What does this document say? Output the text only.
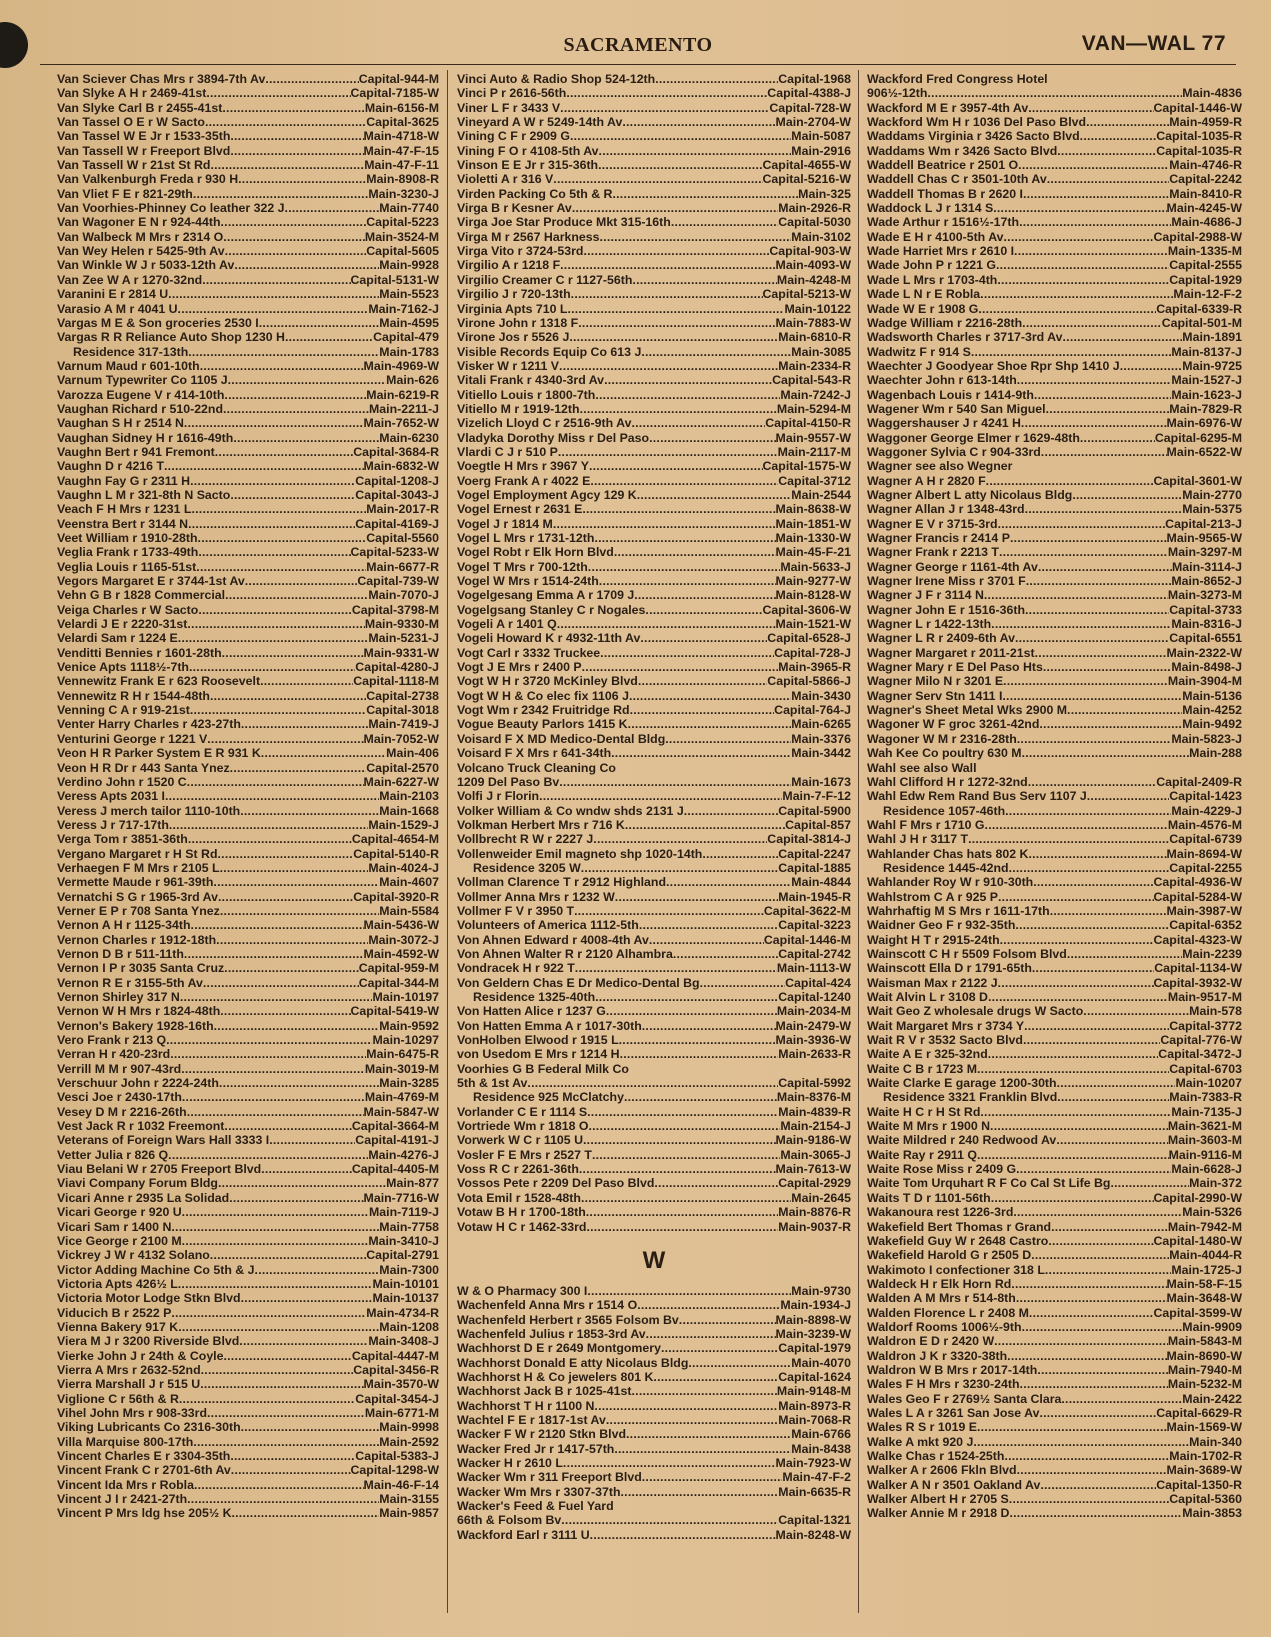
SACRAMENTO	VAN—WAL 77
Van Sciever Chas Mrs r 3894-7th Av . . .	Capital-944-M
Van Slyke A H r 2469-41st . . .	Capital-7185-W
Van Slyke Carl B r 2455-41st . . .	Main-6156-M
Van Tassel O E r W Sacto . . .	Capital-3625
Van Tassel W E Jr r 1533-35th . . .	Main-4718-W
Van Tassell W r Freeport Blvd . . .	Main-47-F-15
Van Tassell W r 21st St Rd . . .	Main-47-F-11
Van Valkenburgh Freda r 930 H . . .	Main-8908-R
Van Vliet F E r 821-29th . . .	Main-3230-J
Van Voorhies-Phinney Co leather 322 J . . .	Main-7740
Van Wagoner E N r 924-44th . . .	Capital-5223
Van Walbeck M Mrs r 2314 O . . .	Main-3524-M
Van Wey Helen r 5425-9th Av . . .	Capital-5605
Van Winkle W J r 5033-12th Av . . .	Main-9928
Van Zee W A r 1270-32nd . . .	Capital-5131-W
Varanini E r 2814 U . . .	Main-5523
Varasio A M r 4041 U . . .	Main-7162-J
Vargas M E & Son groceries 2530 I . . .	Main-4595
Vargas R R Reliance Auto Shop 1230 H . . .	Capital-479
Residence 317-13th . . .	Main-1783
Varnum Maud r 601-10th . . .	Main-4969-W
Varnum Typewriter Co 1105 J . . .	Main-626
Varozza Eugene V r 414-10th . . .	Main-6219-R
Vaughan Richard r 510-22nd . . .	Main-2211-J
Vaughan S H r 2514 N . . .	Main-7652-W
Vaughan Sidney H r 1616-49th . . .	Main-6230
Vaughn Bert r 941 Fremont . . .	Capital-3684-R
Vaughn D r 4216 T . . .	Main-6832-W
Vaughn Fay G r 2311 H . . .	Capital-1208-J
Vaughn L M r 321-8th N Sacto . . .	Capital-3043-J
Veach F H Mrs r 1231 L . . .	Main-2017-R
Veenstra Bert r 3144 N . . .	Capital-4169-J
Veet William r 1910-28th . . .	Capital-5560
Veglia Frank r 1733-49th . . .	Capital-5233-W
Veglia Louis r 1165-51st . . .	Main-6677-R
Vegors Margaret E r 3744-1st Av . . .	Capital-739-W
Vehn G B r 1828 Commercial . . .	Main-7070-J
Veiga Charles r W Sacto . . .	Capital-3798-M
Velardi J E r 2220-31st . . .	Main-9330-M
Velardi Sam r 1224 E . . .	Main-5231-J
Venditti Bennies r 1601-28th . . .	Main-9331-W
Venice Apts 1118½-7th . . .	Capital-4280-J
Vennewitz Frank E r 623 Roosevelt . . .	Capital-1118-M
Vennewitz R H r 1544-48th . . .	Capital-2738
Venning C A r 919-21st . . .	Capital-3018
Venter Harry Charles r 423-27th . . .	Main-7419-J
Venturini George r 1221 V . . .	Main-7052-W
Veon H R Parker System E R 931 K . . .	Main-406
Veon H R Dr r 443 Santa Ynez . . .	Capital-2570
Verdino John r 1520 C . . .	Main-6227-W
Veress Apts 2031 I . . .	Main-2103
Veress J merch tailor 1110-10th . . .	Main-1668
Veress J r 717-17th . . .	Main-1529-J
Verga Tom r 3851-36th . . .	Capital-4654-M
Vergano Margaret r H St Rd . . .	Capital-5140-R
Verhaegen F M Mrs r 2105 L . . .	Main-4024-J
Vermette Maude r 961-39th . . .	Main-4607
Vernatchi S G r 1965-3rd Av . . .	Capital-3920-R
Verner E P r 708 Santa Ynez . . .	Main-5584
Vernon A H r 1125-34th . . .	Main-5436-W
Vernon Charles r 1912-18th . . .	Main-3072-J
Vernon D B r 511-11th . . .	Main-4592-W
Vernon I P r 3035 Santa Cruz . . .	Capital-959-M
Vernon R E r 3155-5th Av . . .	Capital-344-M
Vernon Shirley 317 N . . .	Main-10197
Vernon W H Mrs r 1824-48th . . .	Capital-5419-W
Vernon's Bakery 1928-16th . . .	Main-9592
Vero Frank r 213 Q . . .	Main-10297
Verran H r 420-23rd . . .	Main-6475-R
Verrill M M r 907-43rd . . .	Main-3019-M
Verschuur John r 2224-24th . . .	Main-3285
Vesci Joe r 2430-17th . . .	Main-4769-M
Vesey D M r 2216-26th . . .	Main-5847-W
Vest Jack R r 1032 Freemont . . .	Capital-3664-M
Veterans of Foreign Wars Hall 3333 I . . .	Capital-4191-J
Vetter Julia r 826 Q . . .	Main-4276-J
Viau Belani W r 2705 Freeport Blvd . . .	Capital-4405-M
Viavi Company Forum Bldg . . .	Main-877
Vicari Anne r 2935 La Solidad . . .	Main-7716-W
Vicari George r 920 U . . .	Main-7119-J
Vicari Sam r 1400 N . . .	Main-7758
Vice George r 2100 M . . .	Main-3410-J
Vickrey J W r 4132 Solano . . .	Capital-2791
Victor Adding Machine Co 5th & J . . .	Main-7300
Victoria Apts 426½ L . . .	Main-10101
Victoria Motor Lodge Stkn Blvd . . .	Main-10137
Viducich B r 2522 P . . .	Main-4734-R
Vienna Bakery 917 K . . .	Main-1208
Viera M J r 3200 Riverside Blvd . . .	Main-3408-J
Vierke John J r 24th & Coyle . . .	Capital-4447-M
Vierra A Mrs r 2632-52nd . . .	Capital-3456-R
Vierra Marshall J r 515 U . . .	Main-3570-W
Viglione C r 56th & R . . .	Capital-3454-J
Vihel John Mrs r 908-33rd . . .	Main-6771-M
Viking Lubricants Co 2316-30th . . .	Main-9998
Villa Marquise 800-17th . . .	Main-2592
Vincent Charles E r 3304-35th . . .	Capital-5383-J
Vincent Frank C r 2701-6th Av . . .	Capital-1298-W
Vincent Ida Mrs r Robla . . .	Main-46-F-14
Vincent J I r 2421-27th . . .	Main-3155
Vincent P Mrs ldg hse 205½ K . . .	Main-9857
Vinci Auto & Radio Shop 524-12th . . .	Capital-1968
Vinci P r 2616-56th . . .	Capital-4388-J
Viner L F r 3433 V . . .	Capital-728-W
Vineyard A W r 5249-14th Av . . .	Main-2704-W
Vining C F r 2909 G . . .	Main-5087
Vining F O r 4108-5th Av . . .	Main-2916
Vinson E E Jr r 315-36th . . .	Capital-4655-W
Violetti A r 316 V . . .	Capital-5216-W
Virden Packing Co 5th & R . . .	Main-325
Virga B r Kesner Av . . .	Main-2926-R
Virga Joe Star Produce Mkt 315-16th . . .	Capital-5030
Virga M r 2567 Harkness . . .	Main-3102
Virga Vito r 3724-53rd . . .	Capital-903-W
Virgilio A r 1218 F . . .	Main-4093-W
Virgilio Creamer C r 1127-56th . . .	Main-4248-M
Virgilio J r 720-13th . . .	Capital-5213-W
Virginia Apts 710 L . . .	Main-10122
Virone John r 1318 F . . .	Main-7883-W
Virone Jos r 5526 J . . .	Main-6810-R
Visible Records Equip Co 613 J . . .	Main-3085
Visker W r 1211 V . . .	Main-2334-R
Vitali Frank r 4340-3rd Av . . .	Capital-543-R
Vitiello Louis r 1800-7th . . .	Main-7242-J
Vitiello M r 1919-12th . . .	Main-5294-M
Vizelich Lloyd C r 2516-9th Av . . .	Capital-4150-R
Vladyka Dorothy Miss r Del Paso . . .	Main-9557-W
Vlardi C J r 510 P . . .	Main-2117-M
Voegtle H Mrs r 3967 Y . . .	Capital-1575-W
Voerg Frank A r 4022 E . . .	Capital-3712
Vogel Employment Agcy 129 K . . .	Main-2544
Vogel Ernest r 2631 E . . .	Main-8638-W
Vogel J r 1814 M . . .	Main-1851-W
Vogel L Mrs r 1731-12th . . .	Main-1330-W
Vogel Robt r Elk Horn Blvd . . .	Main-45-F-21
Vogel T Mrs r 700-12th . . .	Main-5633-J
Vogel W Mrs r 1514-24th . . .	Main-9277-W
Vogelgesang Emma A r 1709 J . . .	Main-8128-W
Vogelgsang Stanley C r Nogales . . .	Capital-3606-W
Vogeli A r 1401 Q . . .	Main-1521-W
Vogeli Howard K r 4932-11th Av . . .	Capital-6528-J
Vogt Carl r 3332 Truckee . . .	Capital-728-J
Vogt J E Mrs r 2400 P . . .	Main-3965-R
Vogt W H r 3720 McKinley Blvd . . .	Capital-5866-J
Vogt W H & Co elec fix 1106 J . . .	Main-3430
Vogt Wm r 2342 Fruitridge Rd . . .	Capital-764-J
Vogue Beauty Parlors 1415 K . . .	Main-6265
Voisard F X MD Medico-Dental Bldg . . .	Main-3376
Voisard F X Mrs r 641-34th . . .	Main-3442
Volcano Truck Cleaning Co
1209 Del Paso Bv . . .	Main-1673
Volfi J r Florin . . .	Main-7-F-12
Volker William & Co wndw shds 2131 J . . .	Capital-5900
Volkman Herbert Mrs r 716 K . . .	Capital-857
Vollbrecht R W r 2227 J . . .	Capital-3814-J
Vollenweider Emil magneto shp 1020-14th . . .	Capital-2247
Residence 3205 W . . .	Capital-1885
Vollman Clarence T r 2912 Highland . . .	Main-4844
Vollmer Anna Mrs r 1232 W . . .	Main-1945-R
Vollmer F V r 3950 T . . .	Capital-3622-M
Volunteers of America 1112-5th . . .	Capital-3223
Von Ahnen Edward r 4008-4th Av . . .	Capital-1446-M
Von Ahnen Walter R r 2120 Alhambra . . .	Capital-2742
Vondracek H r 922 T . . .	Main-1113-W
Von Geldern Chas E Dr Medico-Dental Bg . . .	Capital-424
Residence 1325-40th . . .	Capital-1240
Von Hatten Alice r 1237 G . . .	Main-2034-M
Von Hatten Emma A r 1017-30th . . .	Main-2479-W
VonHolben Elwood r 1915 L . . .	Main-3936-W
von Usedom E Mrs r 1214 H . . .	Main-2633-R
Voorhies G B Federal Milk Co
5th & 1st Av . . .	Capital-5992
Residence 925 McClatchy . . .	Main-8376-M
Vorlander C E r 1114 S . . .	Main-4839-R
Vortriede Wm r 1818 O . . .	Main-2154-J
Vorwerk W C r 1105 U . . .	Main-9186-W
Vosler F E Mrs r 2527 T . . .	Main-3065-J
Voss R C r 2261-36th . . .	Main-7613-W
Vossos Pete r 2209 Del Paso Blvd . . .	Capital-2929
Vota Emil r 1528-48th . . .	Main-2645
Votaw B H r 1700-18th . . .	Main-8876-R
Votaw H C r 1462-33rd . . .	Main-9037-R
W
W & O Pharmacy 300 I . . .	Main-9730
Wachenfeld Anna Mrs r 1514 O . . .	Main-1934-J
Wachenfeld Herbert r 3565 Folsom Bv . . .	Main-8898-W
Wachenfeld Julius r 1853-3rd Av . . .	Main-3239-W
Wachhorst D E r 2649 Montgomery . . .	Capital-1979
Wachhorst Donald E atty Nicolaus Bldg . . .	Main-4070
Wachhorst H & Co jewelers 801 K . . .	Capital-1624
Wachhorst Jack B r 1025-41st . . .	Main-9148-M
Wachhorst T H r 1100 N . . .	Main-8973-R
Wachtel F E r 1817-1st Av . . .	Main-7068-R
Wacker F W r 2120 Stkn Blvd . . .	Main-6766
Wacker Fred Jr r 1417-57th . . .	Main-8438
Wacker H r 2610 L . . .	Main-7923-W
Wacker Wm r 311 Freeport Blvd . . .	Main-47-F-2
Wacker Wm Mrs r 3307-37th . . .	Main-6635-R
Wacker's Feed & Fuel Yard
66th & Folsom Bv . . .	Capital-1321
Wackford Earl r 3111 U . . .	Main-8248-W
Wackford Fred Congress Hotel
906½-12th . . .	Main-4836
Wackford M E r 3957-4th Av . . .	Capital-1446-W
Wackford Wm H r 1036 Del Paso Blvd . . .	Main-4959-R
Waddams Virginia r 3426 Sacto Blvd . . .	Capital-1035-R
Waddams Wm r 3426 Sacto Blvd . . .	Capital-1035-R
Waddell Beatrice r 2501 O . . .	Main-4746-R
Waddell Chas C r 3501-10th Av . . .	Capital-2242
Waddell Thomas B r 2620 I . . .	Main-8410-R
Waddock L J r 1314 S . . .	Main-4245-W
Wade Arthur r 1516½-17th . . .	Main-4686-J
Wade E H r 4100-5th Av . . .	Capital-2988-W
Wade Harriet Mrs r 2610 I . . .	Main-1335-M
Wade John P r 1221 G . . .	Capital-2555
Wade L Mrs r 1703-4th . . .	Capital-1929
Wade L N r E Robla . . .	Main-12-F-2
Wade W E r 1908 G . . .	Capital-6339-R
Wadge William r 2216-28th . . .	Capital-501-M
Wadsworth Charles r 3717-3rd Av . . .	Main-1891
Wadwitz F r 914 S . . .	Main-8137-J
Waechter J Goodyear Shoe Rpr Shp 1410 J . . .	Main-9725
Waechter John r 613-14th . . .	Main-1527-J
Wagenbach Louis r 1414-9th . . .	Main-1623-J
Wagener Wm r 540 San Miguel . . .	Main-7829-R
Waggershauser J r 4241 H . . .	Main-6976-W
Waggoner George Elmer r 1629-48th . . .	Capital-6295-M
Waggoner Sylvia C r 904-33rd . . .	Main-6522-W
Wagner see also Wegner
Wagner A H r 2820 F . . .	Capital-3601-W
Wagner Albert L atty Nicolaus Bldg . . .	Main-2770
Wagner Allan J r 1348-43rd . . .	Main-5375
Wagner E V r 3715-3rd . . .	Capital-213-J
Wagner Francis r 2414 P . . .	Main-9565-W
Wagner Frank r 2213 T . . .	Main-3297-M
Wagner George r 1161-4th Av . . .	Main-3114-J
Wagner Irene Miss r 3701 F . . .	Main-8652-J
Wagner J F r 3114 N . . .	Main-3273-M
Wagner John E r 1516-36th . . .	Capital-3733
Wagner L r 1422-13th . . .	Main-8316-J
Wagner L R r 2409-6th Av . . .	Capital-6551
Wagner Margaret r 2011-21st . . .	Main-2322-W
Wagner Mary r E Del Paso Hts . . .	Main-8498-J
Wagner Milo N r 3201 E . . .	Main-3904-M
Wagner Serv Stn 1411 I . . .	Main-5136
Wagner's Sheet Metal Wks 2900 M . . .	Main-4252
Wagoner W F groc 3261-42nd . . .	Main-9492
Wagoner W M r 2316-28th . . .	Main-5823-J
Wah Kee Co poultry 630 M . . .	Main-288
Wahl see also Wall
Wahl Clifford H r 1272-32nd . . .	Capital-2409-R
Wahl Edw Rem Rand Bus Serv 1107 J . . .	Capital-1423
Residence 1057-46th . . .	Main-4229-J
Wahl F Mrs r 1710 G . . .	Main-4576-M
Wahl J H r 3117 T . . .	Capital-6739
Wahlander Chas hats 802 K . . .	Main-8694-W
Residence 1445-42nd . . .	Capital-2255
Wahlander Roy W r 910-30th . . .	Capital-4936-W
Wahlstrom C A r 925 P . . .	Capital-5284-W
Wahrhaftig M S Mrs r 1611-17th . . .	Main-3987-W
Waidner Geo F r 932-35th . . .	Capital-6352
Waight H T r 2915-24th . . .	Capital-4323-W
Wainscott C H r 5509 Folsom Blvd . . .	Main-2239
Wainscott Ella D r 1791-65th . . .	Capital-1134-W
Waisman Max r 2122 J . . .	Capital-3932-W
Wait Alvin L r 3108 D . . .	Main-9517-M
Wait Geo Z wholesale drugs W Sacto . . .	Main-578
Wait Margaret Mrs r 3734 Y . . .	Capital-3772
Wait R V r 3532 Sacto Blvd . . .	Capital-776-W
Waite A E r 325-32nd . . .	Capital-3472-J
Waite C B r 1723 M . . .	Capital-6703
Waite Clarke E garage 1200-30th . . .	Main-10207
Residence 3321 Franklin Blvd . . .	Main-7383-R
Waite H C r H St Rd . . .	Main-7135-J
Waite M Mrs r 1900 N . . .	Main-3621-M
Waite Mildred r 240 Redwood Av . . .	Main-3603-M
Waite Ray r 2911 Q . . .	Main-9116-M
Waite Rose Miss r 2409 G . . .	Main-6628-J
Waite Tom Urquhart R F Co Cal St Life Bg . . .	Main-372
Waits T D r 1101-56th . . .	Capital-2990-W
Wakanoura rest 1226-3rd . . .	Main-5326
Wakefield Bert Thomas r Grand . . .	Main-7942-M
Wakefield Guy W r 2648 Castro . . .	Capital-1480-W
Wakefield Harold G r 2505 D . . .	Main-4044-R
Wakimoto I confectioner 318 L . . .	Main-1725-J
Waldeck H r Elk Horn Rd . . .	Main-58-F-15
Walden A M Mrs r 514-8th . . .	Main-3648-W
Walden Florence L r 2408 M . . .	Capital-3599-W
Waldorf Rooms 1006½-9th . . .	Main-9909
Waldron E D r 2420 W . . .	Main-5843-M
Waldron J K r 3320-38th . . .	Main-8690-W
Waldron W B Mrs r 2017-14th . . .	Main-7940-M
Wales F H Mrs r 3230-24th . . .	Main-5232-M
Wales Geo F r 2769½ Santa Clara . . .	Main-2422
Wales L A r 3261 San Jose Av . . .	Capital-6629-R
Wales R S r 1019 E . . .	Main-1569-W
Walke A mkt 920 J . . .	Main-340
Walke Chas r 1524-25th . . .	Main-1702-R
Walker A r 2606 Fkln Blvd . . .	Main-3689-W
Walker A N r 3501 Oakland Av . . .	Capital-1350-R
Walker Albert H r 2705 S . . .	Capital-5360
Walker Annie M r 2918 D . . .	Main-3853
